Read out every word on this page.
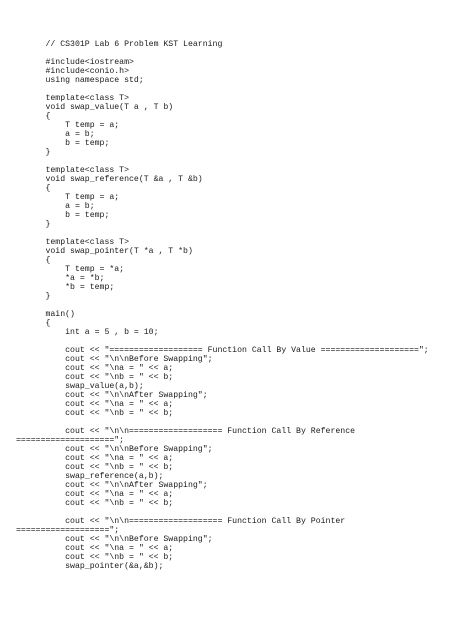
// CS301P Lab 6 Problem KST Learning
#include<iostream>
#include<conio.h>
using namespace std;
template<class T>
void swap_value(T a , T b)
{
T temp = a;
a = b;
b = temp;
}
template<class T>
void swap_reference(T &a , T &b)
{
T temp = a;
a = b;
b = temp;
}
template<class T>
void swap_pointer(T *a , T *b)
{
T temp = *a;
*a = *b;
*b = temp;
}
main()
{
int a = 5 , b = 10;
cout << "=================== Function Call By Value ====================";
cout << "\n\nBefore Swapping";
cout << "\na = " << a;
cout << "\nb = " << b;
swap_value(a,b);
cout << "\n\nAfter Swapping";
cout << "\na = " << a;
cout << "\nb = " << b;
cout << "\n\n=================== Function Call By Reference
====================";
cout << "\n\nBefore Swapping";
cout << "\na = " << a;
cout << "\nb = " << b;
swap_reference(a,b);
cout << "\n\nAfter Swapping";
cout << "\na = " << a;
cout << "\nb = " << b;
cout << "\n\n=================== Function Call By Pointer
===================";
cout << "\n\nBefore Swapping";
cout << "\na = " << a;
cout << "\nb = " << b;
swap_pointer(&a,&b);
